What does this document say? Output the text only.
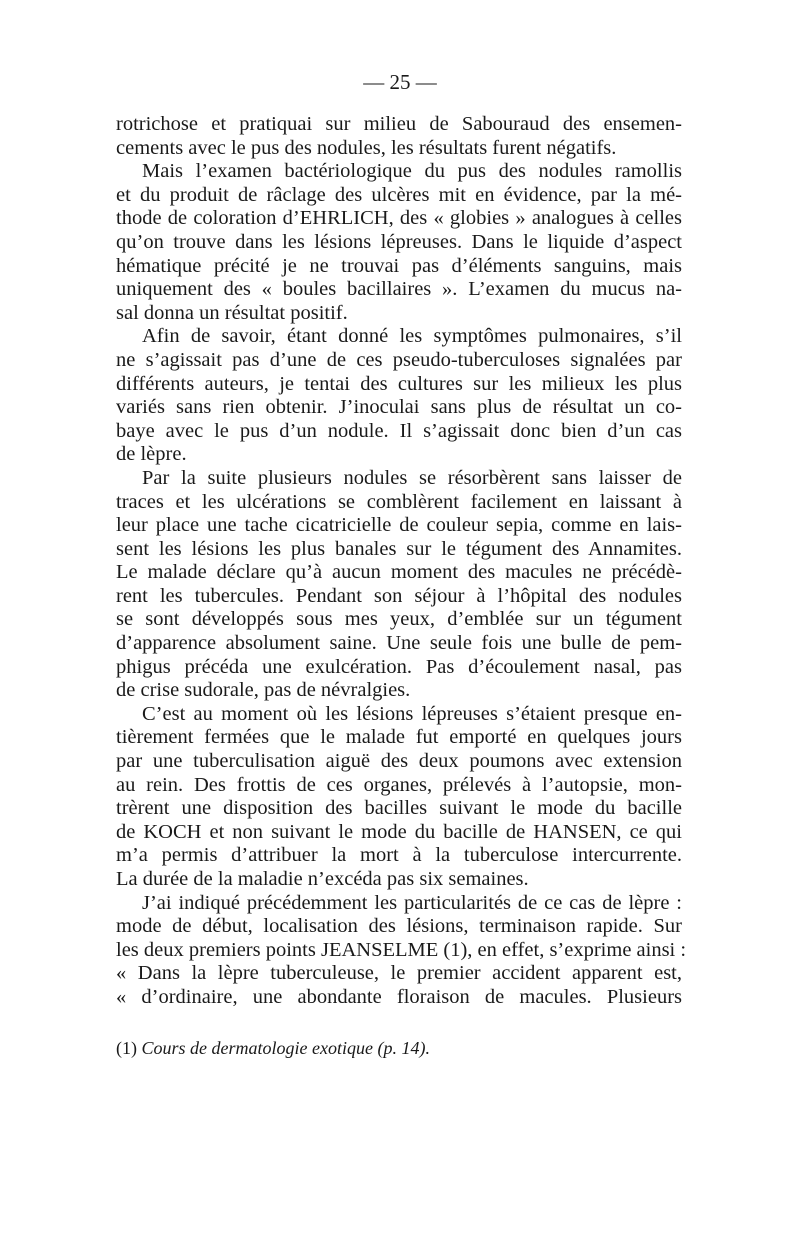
— 25 —
rotrichose et pratiquai sur milieu de Sabouraud des ensemen-
cements avec le pus des nodules, les résultats furent négatifs.
Mais l’examen bactériologique du pus des nodules ramollis
et du produit de râclage des ulcères mit en évidence, par la mé-
thode de coloration d’EHRLICH, des « globies » analogues à celles
qu’on trouve dans les lésions lépreuses. Dans le liquide d’aspect
hématique précité je ne trouvai pas d’éléments sanguins, mais
uniquement des « boules bacillaires ». L’examen du mucus na-
sal donna un résultat positif.
Afin de savoir, étant donné les symptômes pulmonaires, s’il
ne s’agissait pas d’une de ces pseudo-tuberculoses signalées par
différents auteurs, je tentai des cultures sur les milieux les plus
variés sans rien obtenir. J’inoculai sans plus de résultat un co-
baye avec le pus d’un nodule. Il s’agissait donc bien d’un cas
de lèpre.
Par la suite plusieurs nodules se résorbèrent sans laisser de
traces et les ulcérations se comblèrent facilement en laissant à
leur place une tache cicatricielle de couleur sepia, comme en lais-
sent les lésions les plus banales sur le tégument des Annamites.
Le malade déclare qu’à aucun moment des macules ne précédè-
rent les tubercules. Pendant son séjour à l’hôpital des nodules
se sont développés sous mes yeux, d’emblée sur un tégument
d’apparence absolument saine. Une seule fois une bulle de pem-
phigus précéda une exulcération. Pas d’écoulement nasal, pas
de crise sudorale, pas de névralgies.
C’est au moment où les lésions lépreuses s’étaient presque en-
tièrement fermées que le malade fut emporté en quelques jours
par une tuberculisation aiguë des deux poumons avec extension
au rein. Des frottis de ces organes, prélevés à l’autopsie, mon-
trèrent une disposition des bacilles suivant le mode du bacille
de KOCH et non suivant le mode du bacille de HANSEN, ce qui
m’a permis d’attribuer la mort à la tuberculose intercurrente.
La durée de la maladie n’excéda pas six semaines.
J’ai indiqué précédemment les particularités de ce cas de lèpre :
mode de début, localisation des lésions, terminaison rapide. Sur
les deux premiers points JEANSELME (1), en effet, s’exprime ainsi :
« Dans la lèpre tuberculeuse, le premier accident apparent est,
« d’ordinaire, une abondante floraison de macules. Plusieurs
(1) Cours de dermatologie exotique (p. 14).
